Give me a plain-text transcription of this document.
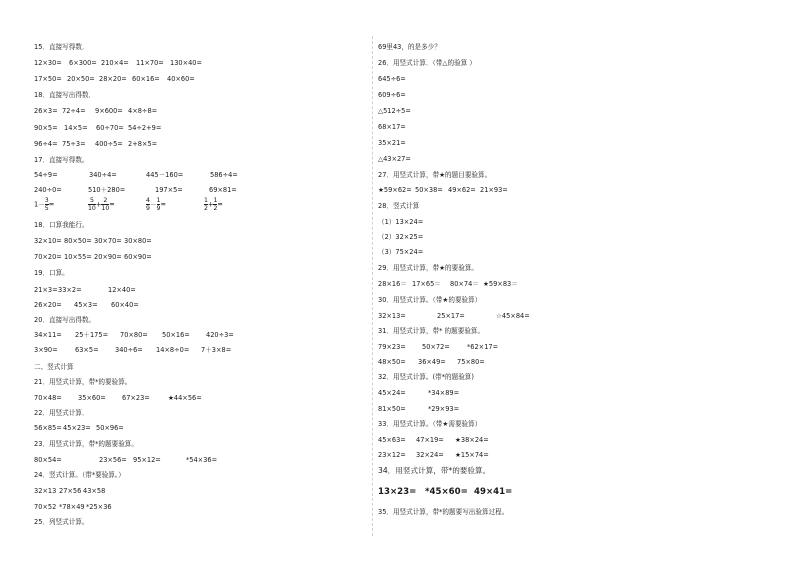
15．直接写得数．
12×30= 6×300= 210×4= 11×70= 130×40=
17×50= 20×50= 28×20= 60×16= 40×60=
18．直接写出得数．
26×3= 72÷4= 9×600= 4×8÷8=
90×5= 14×5= 60÷70= 54÷2+9=
96÷4= 75÷3= 400÷5= 2+8×5=
17．直接写得数。
54÷9=	340÷4=	445－160=	586÷4=
240÷0=	510＋280=	197×5=	69×81=
18．口算我能行。
32×10= 80×50= 30×70= 30×80=
70×20= 10×55= 20×90= 60×90=
19．口算。
21×3= 33×2=	12×40=
26×20= 45×3= 60×40=
20．直接写出得数。
34×11= 25＋175= 70×80= 50×16= 420÷3=
3×90=	63×5= 340÷6= 14×8÷0= 7＋3×8=
二、竖式计算
21．用竖式计算，带*的要验算。
70×48= 35×60= 67×23=	★44×56=
22．用竖式计算．
56×85= 45×23= 50×96=
23．用竖式计算，带*的题要验算。
80×54=	23×56= 95×12=	*54×36=
24．竖式计算。（带*要验算。）
32×13 27×56 43×58
70×52 *78×49 *25×36
25．列竖式计算。
$1- \frac{3}{5}$ =	$\frac{5}{10} + \frac{2}{10}$ =	$\frac{4}{9} - \frac{1}{9}$ =	$\frac{1}{2} + \frac{1}{2}$ =
69里43，的是多少？
26．用竖式计算．（带△的验算 ）
645÷6=
609÷6=
△512÷5=
68×17=
35×21=
△43×27=
27．用竖式计算，带★的题目要验算。
★59×62= 50×38= 49×62= 21×93=
28．竖式计算
（1）13×24=
（2）32×25=
（3）75×24=
29．用竖式计算，带★的要验算。
28×16＝ 17×65＝ 80×74＝ ★59×83＝
30．用竖式计算。（带★的要验算）
32×13=	25×17=	☆45×84=
31．用竖式计算，带* 的题要验算。
79×23= 50×72=	*62×17=
48×50= 36×49= 75×80=
32．用竖式计算。(带*的题验算)
45×24=	*34×89=
81×50=	*29×93=
33．用竖式计算。（带★需要验算）
45×63= 47×19= ★38×24=
23×12= 32×24= ★15×74=
34．用竖式计算，带*的要验算。
13×23= *45×60= 49×41=
35．用竖式计算，带*的题要写出验算过程。
